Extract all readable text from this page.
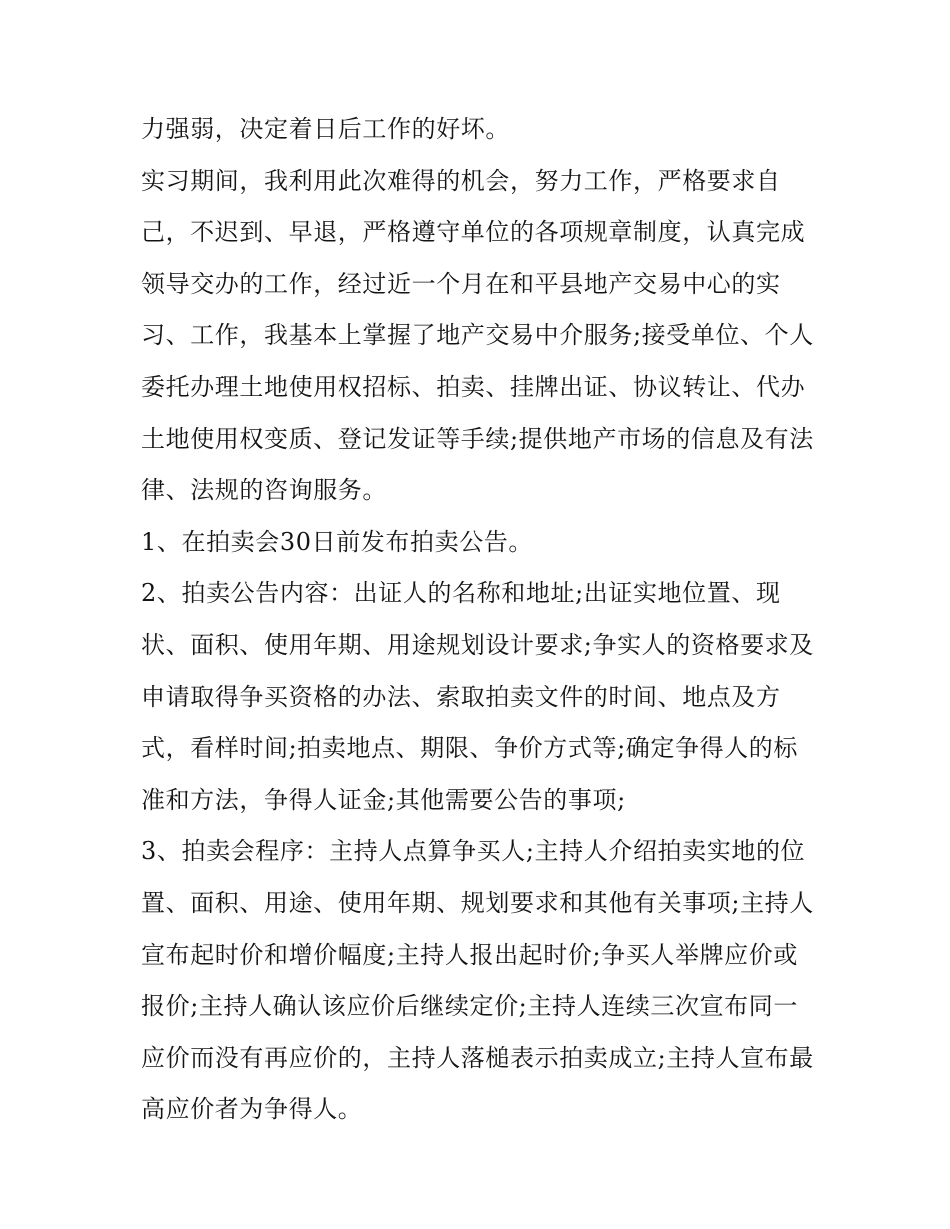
力强弱，决定着日后工作的好坏。

实习期间，我利用此次难得的机会，努力工作，严格要求自己，不迟到、早退，严格遵守单位的各项规章制度，认真完成领导交办的工作，经过近一个月在和平县地产交易中心的实习、工作，我基本上掌握了地产交易中介服务;接受单位、个人委托办理土地使用权招标、拍卖、挂牌出证、协议转让、代办土地使用权变质、登记发证等手续;提供地产市场的信息及有法律、法规的咨询服务。

1、在拍卖会30日前发布拍卖公告。

2、拍卖公告内容：出证人的名称和地址;出证实地位置、现状、面积、使用年期、用途规划设计要求;争实人的资格要求及申请取得争买资格的办法、索取拍卖文件的时间、地点及方式，看样时间;拍卖地点、期限、争价方式等;确定争得人的标准和方法，争得人证金;其他需要公告的事项;

3、拍卖会程序：主持人点算争买人;主持人介绍拍卖实地的位置、面积、用途、使用年期、规划要求和其他有关事项;主持人宣布起时价和增价幅度;主持人报出起时价;争买人举牌应价或报价;主持人确认该应价后继续定价;主持人连续三次宣布同一应价而没有再应价的，主持人落槌表示拍卖成立;主持人宣布最高应价者为争得人。
